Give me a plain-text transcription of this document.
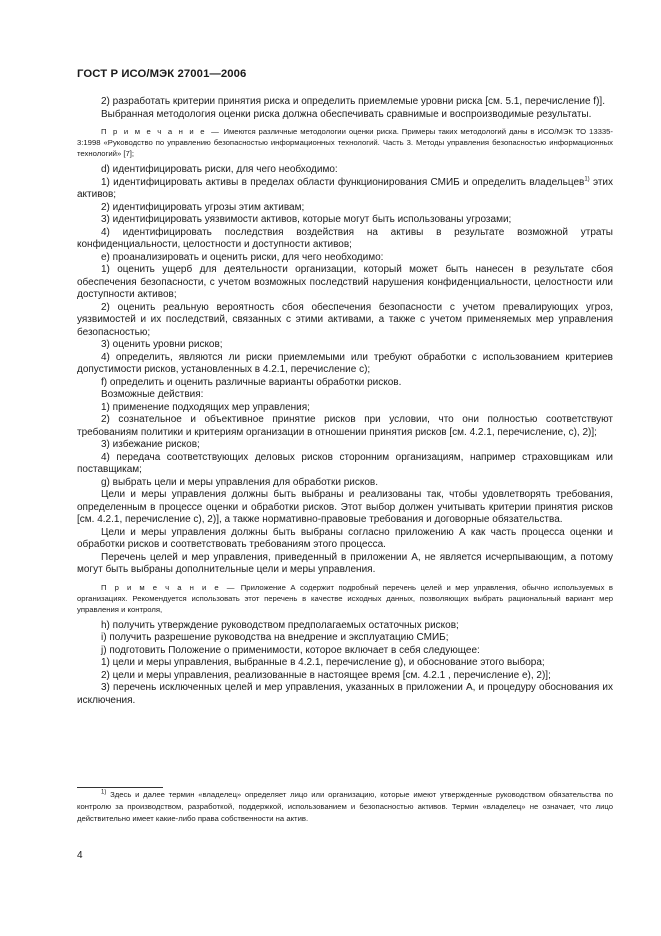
ГОСТ Р ИСО/МЭК 27001—2006

2) разработать критерии принятия риска и определить приемлемые уровни риска [см. 5.1, перечисление f)].

Выбранная методология оценки риска должна обеспечивать сравнимые и воспроизводимые результаты.

П р и м е ч а н и е — Имеются различные методологии оценки риска. Примеры таких методологий даны в ИСО/МЭК ТО 13335-3:1998 «Руководство по управлению безопасностью информационных технологий. Часть 3. Методы управления безопасностью информационных технологий» [7];

d) идентифицировать риски, для чего необходимо:

1) идентифицировать активы в пределах области функционирования СМИБ и определить владельцев$^{1)}$ этих активов;

2) идентифицировать угрозы этим активам;

3) идентифицировать уязвимости активов, которые могут быть использованы угрозами;

4) идентифицировать последствия воздействия на активы в результате возможной утраты конфиденциальности, целостности и доступности активов;

e) проанализировать и оценить риски, для чего необходимо:

1) оценить ущерб для деятельности организации, который может быть нанесен в результате сбоя обеспечения безопасности, с учетом возможных последствий нарушения конфиденциальности, целостности или доступности активов;

2) оценить реальную вероятность сбоя обеспечения безопасности с учетом превалирующих угроз, уязвимостей и их последствий, связанных с этими активами, а также с учетом применяемых мер управления безопасностью;

3) оценить уровни рисков;

4) определить, являются ли риски приемлемыми или требуют обработки с использованием критериев допустимости рисков, установленных в 4.2.1, перечисление с);

f) определить и оценить различные варианты обработки рисков.

Возможные действия:

1) применение подходящих мер управления;

2) сознательное и объективное принятие рисков при условии, что они полностью соответствуют требованиям политики и критериям организации в отношении принятия рисков [см. 4.2.1, перечисление, с), 2)];

3) избежание рисков;

4) передача соответствующих деловых рисков сторонним организациям, например страховщикам или поставщикам;

g) выбрать цели и меры управления для обработки рисков.

Цели и меры управления должны быть выбраны и реализованы так, чтобы удовлетворять требования, определенным в процессе оценки и обработки рисков. Этот выбор должен учитывать критерии принятия рисков [см. 4.2.1, перечисление с), 2)], а также нормативно-правовые требования и договорные обязательства.

Цели и меры управления должны быть выбраны согласно приложению А как часть процесса оценки и обработки рисков и соответствовать требованиям этого процесса.

Перечень целей и мер управления, приведенный в приложении А, не является исчерпывающим, а потому могут быть выбраны дополнительные цели и меры управления.

П р и м е ч а н и е — Приложение А содержит подробный перечень целей и мер управления, обычно используемых в организациях. Рекомендуется использовать этот перечень в качестве исходных данных, позволяющих выбрать рациональный вариант мер управления и контроля,

h) получить утверждение руководством предполагаемых остаточных рисков;

i) получить разрешение руководства на внедрение и эксплуатацию СМИБ;

j) подготовить Положение о применимости, которое включает в себя следующее:

1) цели и меры управления, выбранные в 4.2.1, перечисление g), и обоснование этого выбора;

2) цели и меры управления, реализованные в настоящее время [см. 4.2.1 , перечисление е), 2)];

3) перечень исключенных целей и мер управления, указанных в приложении А, и процедуру обоснования их исключения.

$^{1)}$ Здесь и далее термин «владелец» определяет лицо или организацию, которые имеют утвержденные руководством обязательства по контролю за производством, разработкой, поддержкой, использованием и безопасностью активов. Термин «владелец» не означает, что лицо действительно имеет какие-либо права собственности на актив.
4
